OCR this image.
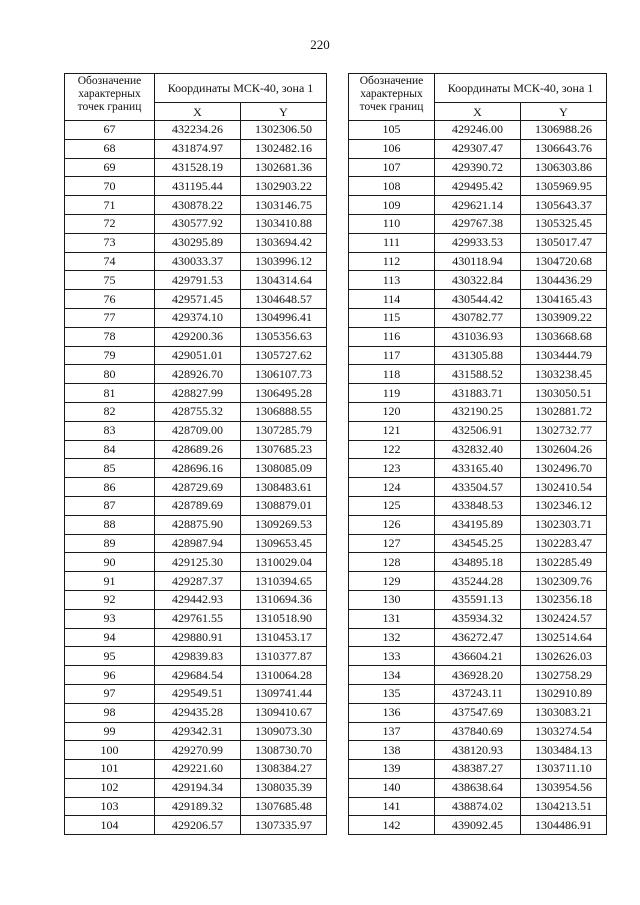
220
Обозначение характерных точек границ	Координаты МСК-40, зона 1	
	X	Y
67	432234.26	1302306.50
68	431874.97	1302482.16
69	431528.19	1302681.36
70	431195.44	1302903.22
71	430878.22	1303146.75
72	430577.92	1303410.88
73	430295.89	1303694.42
74	430033.37	1303996.12
75	429791.53	1304314.64
76	429571.45	1304648.57
77	429374.10	1304996.41
78	429200.36	1305356.63
79	429051.01	1305727.62
80	428926.70	1306107.73
81	428827.99	1306495.28
82	428755.32	1306888.55
83	428709.00	1307285.79
84	428689.26	1307685.23
85	428696.16	1308085.09
86	428729.69	1308483.61
87	428789.69	1308879.01
88	428875.90	1309269.53
89	428987.94	1309653.45
90	429125.30	1310029.04
91	429287.37	1310394.65
92	429442.93	1310694.36
93	429761.55	1310518.90
94	429880.91	1310453.17
95	429839.83	1310377.87
96	429684.54	1310064.28
97	429549.51	1309741.44
98	429435.28	1309410.67
99	429342.31	1309073.30
100	429270.99	1308730.70
101	429221.60	1308384.27
102	429194.34	1308035.39
103	429189.32	1307685.48
104	429206.57	1307335.97
Обозначение характерных точек границ	Координаты МСК-40, зона 1	
	X	Y
105	429246.00	1306988.26
106	429307.47	1306643.76
107	429390.72	1306303.86
108	429495.42	1305969.95
109	429621.14	1305643.37
110	429767.38	1305325.45
111	429933.53	1305017.47
112	430118.94	1304720.68
113	430322.84	1304436.29
114	430544.42	1304165.43
115	430782.77	1303909.22
116	431036.93	1303668.68
117	431305.88	1303444.79
118	431588.52	1303238.45
119	431883.71	1303050.51
120	432190.25	1302881.72
121	432506.91	1302732.77
122	432832.40	1302604.26
123	433165.40	1302496.70
124	433504.57	1302410.54
125	433848.53	1302346.12
126	434195.89	1302303.71
127	434545.25	1302283.47
128	434895.18	1302285.49
129	435244.28	1302309.76
130	435591.13	1302356.18
131	435934.32	1302424.57
132	436272.47	1302514.64
133	436604.21	1302626.03
134	436928.20	1302758.29
135	437243.11	1302910.89
136	437547.69	1303083.21
137	437840.69	1303274.54
138	438120.93	1303484.13
139	438387.27	1303711.10
140	438638.64	1303954.56
141	438874.02	1304213.51
142	439092.45	1304486.91
